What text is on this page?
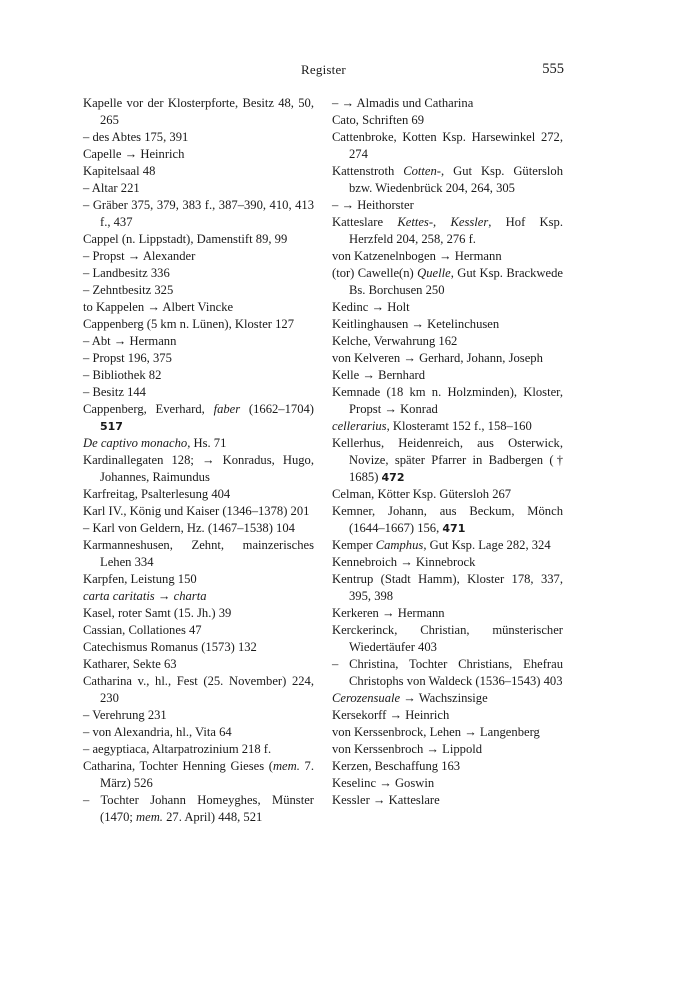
Register	555
Kapelle vor der Klosterpforte, Besitz 48, 50, 265
– des Abtes 175, 391
Capelle → Heinrich
Kapitelsaal 48
– Altar 221
– Gräber 375, 379, 383 f., 387–390, 410, 413 f., 437
Cappel (n. Lippstadt), Damenstift 89, 99
– Propst → Alexander
– Landbesitz 336
– Zehntbesitz 325
to Kappelen → Albert Vincke
Cappenberg (5 km n. Lünen), Kloster 127
– Abt → Hermann
– Propst 196, 375
– Bibliothek 82
– Besitz 144
Cappenberg, Everhard, faber (1662–1704) 517
De captivo monacho, Hs. 71
Kardinallegaten 128; → Konradus, Hugo, Johannes, Raimundus
Karfreitag, Psalterlesung 404
Karl IV., König und Kaiser (1346–1378) 201
– Karl von Geldern, Hz. (1467–1538) 104
Karmanneshusen, Zehnt, mainzerisches Lehen 334
Karpfen, Leistung 150
carta caritatis → charta
Kasel, roter Samt (15. Jh.) 39
Cassian, Collationes 47
Catechismus Romanus (1573) 132
Katharer, Sekte 63
Catharina v., hl., Fest (25. November) 224, 230
– Verehrung 231
– von Alexandria, hl., Vita 64
– aegyptiaca, Altarpatrozinium 218 f.
Catharina, Tochter Henning Gieses (mem. 7. März) 526
– Tochter Johann Homeyghes, Münster (1470; mem. 27. April) 448, 521
– → Almadis und Catharina
Cato, Schriften 69
Cattenbroke, Kotten Ksp. Harsewinkel 272, 274
Kattenstroth Cotten-, Gut Ksp. Gütersloh bzw. Wiedenbrück 204, 264, 305
– → Heithorster
Katteslare Kettes-, Kessler, Hof Ksp. Herzfeld 204, 258, 276 f.
von Katzenelnbogen → Hermann
(tor) Cawelle(n) Quelle, Gut Ksp. Brackwede Bs. Borchusen 250
Kedinc → Holt
Keitlinghausen → Ketelinchusen
Kelche, Verwahrung 162
von Kelveren → Gerhard, Johann, Joseph
Kelle → Bernhard
Kemnade (18 km n. Holzminden), Kloster, Propst → Konrad
cellerarius, Klosteramt 152 f., 158–160
Kellerhus, Heidenreich, aus Osterwick, Novize, später Pfarrer in Badbergen († 1685) 472
Celman, Kötter Ksp. Gütersloh 267
Kemner, Johann, aus Beckum, Mönch (1644–1667) 156, 471
Kemper Camphus, Gut Ksp. Lage 282, 324
Kennebroich → Kinnebrock
Kentrup (Stadt Hamm), Kloster 178, 337, 395, 398
Kerkeren → Hermann
Kerckerinck, Christian, münsterischer Wiedertäufer 403
– Christina, Tochter Christians, Ehefrau Christophs von Waldeck (1536–1543) 403
Cerozensuale → Wachszinsige
Kersekorff → Heinrich
von Kerssenbrock, Lehen → Langenberg
von Kerssenbroch → Lippold
Kerzen, Beschaffung 163
Keselinc → Goswin
Kessler → Katteslare
